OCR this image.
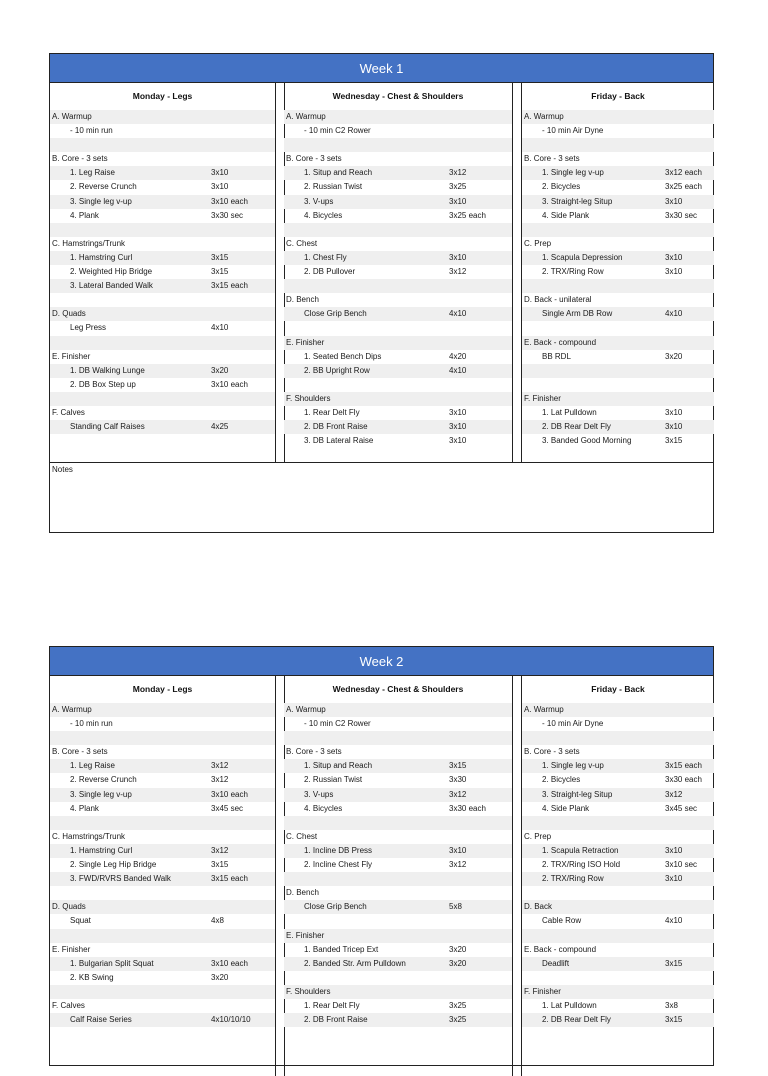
Week 1
Monday - Legs
A. Warmup
- 10 min run
B. Core - 3 sets
1. Leg Raise	3x10
2. Reverse Crunch	3x10
3. Single leg v-up	3x10 each
4. Plank	3x30 sec
C. Hamstrings/Trunk
1. Hamstring Curl	3x15
2. Weighted Hip Bridge	3x15
3. Lateral Banded Walk	3x15 each
D. Quads
Leg Press	4x10
E. Finisher
1. DB Walking Lunge	3x20
2. DB Box Step up	3x10 each
F. Calves
Standing Calf Raises	4x25
Wednesday - Chest & Shoulders
A. Warmup
- 10 min C2 Rower
B. Core - 3 sets
1. Situp and Reach	3x12
2. Russian Twist	3x25
3. V-ups	3x10
4. Bicycles	3x25 each
C. Chest
1. Chest Fly	3x10
2. DB Pullover	3x12
D. Bench
Close Grip Bench	4x10
E. Finisher
1. Seated Bench Dips	4x20
2. BB Upright Row	4x10
F. Shoulders
1. Rear Delt Fly	3x10
2. DB Front Raise	3x10
3. DB Lateral Raise	3x10
Friday - Back
A. Warmup
- 10 min Air Dyne
B. Core - 3 sets
1. Single leg v-up	3x12 each
2. Bicycles	3x25 each
3. Straight-leg Situp	3x10
4. Side Plank	3x30 sec
C. Prep
1. Scapula Depression	3x10
2. TRX/Ring Row	3x10
D. Back - unilateral
Single Arm DB Row	4x10
E. Back - compound
BB RDL	3x20
F. Finisher
1. Lat Pulldown	3x10
2. DB Rear Delt Fly	3x10
3. Banded Good Morning	3x15
Notes
Week 2
Monday - Legs
A. Warmup
- 10 min run
B. Core - 3 sets
1. Leg Raise	3x12
2. Reverse Crunch	3x12
3. Single leg v-up	3x10 each
4. Plank	3x45 sec
C. Hamstrings/Trunk
1. Hamstring Curl	3x12
2. Single Leg Hip Bridge	3x15
3. FWD/RVRS Banded Walk	3x15 each
D. Quads
Squat	4x8
E. Finisher
1. Bulgarian Split Squat	3x10 each
2. KB Swing	3x20
F. Calves
Calf Raise Series	4x10/10/10
Wednesday - Chest & Shoulders
A. Warmup
- 10 min C2 Rower
B. Core - 3 sets
1. Situp and Reach	3x15
2. Russian Twist	3x30
3. V-ups	3x12
4. Bicycles	3x30 each
C. Chest
1. Incline DB Press	3x10
2. Incline Chest Fly	3x12
D. Bench
Close Grip Bench	5x8
E. Finisher
1. Banded Tricep Ext	3x20
2. Banded Str. Arm Pulldown	3x20
F. Shoulders
1. Rear Delt Fly	3x25
2. DB Front Raise	3x25
Friday - Back
A. Warmup
- 10 min Air Dyne
B. Core - 3 sets
1. Single leg v-up	3x15 each
2. Bicycles	3x30 each
3. Straight-leg Situp	3x12
4. Side Plank	3x45 sec
C. Prep
1. Scapula Retraction	3x10
2. TRX/Ring ISO Hold	3x10 sec
2. TRX/Ring Row	3x10
D. Back
Cable Row	4x10
E. Back - compound
Deadlift	3x15
F. Finisher
1. Lat Pulldown	3x8
2. DB Rear Delt Fly	3x15
